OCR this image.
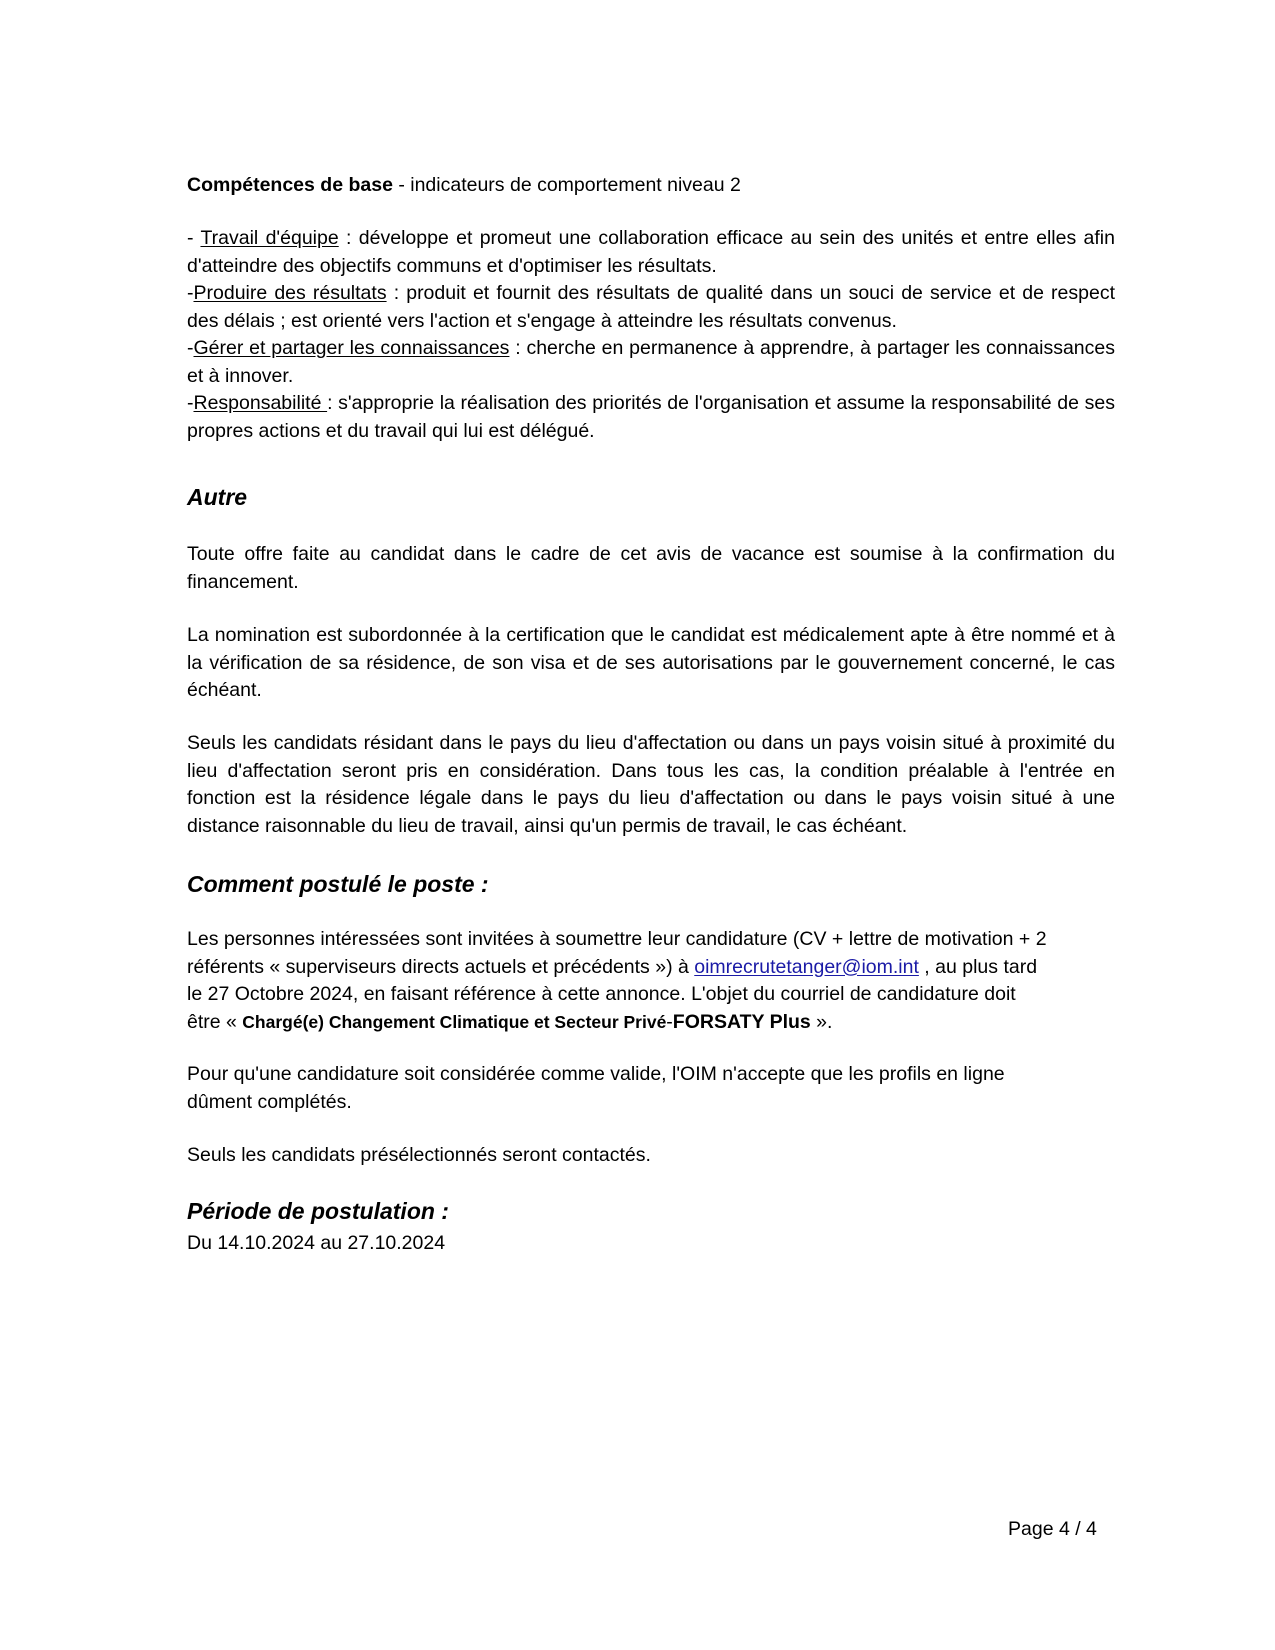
Compétences de base - indicateurs de comportement niveau 2
- Travail d'équipe : développe et promeut une collaboration efficace au sein des unités et entre elles afin d'atteindre des objectifs communs et d'optimiser les résultats.
-Produire des résultats : produit et fournit des résultats de qualité dans un souci de service et de respect des délais ; est orienté vers l'action et s'engage à atteindre les résultats convenus.
-Gérer et partager les connaissances : cherche en permanence à apprendre, à partager les connaissances et à innover.
-Responsabilité : s'approprie la réalisation des priorités de l'organisation et assume la responsabilité de ses propres actions et du travail qui lui est délégué.
Autre
Toute offre faite au candidat dans le cadre de cet avis de vacance est soumise à la confirmation du financement.
La nomination est subordonnée à la certification que le candidat est médicalement apte à être nommé et à la vérification de sa résidence, de son visa et de ses autorisations par le gouvernement concerné, le cas échéant.
Seuls les candidats résidant dans le pays du lieu d'affectation ou dans un pays voisin situé à proximité du lieu d'affectation seront pris en considération. Dans tous les cas, la condition préalable à l'entrée en fonction est la résidence légale dans le pays du lieu d'affectation ou dans le pays voisin situé à une distance raisonnable du lieu de travail, ainsi qu'un permis de travail, le cas échéant.
Comment postulé le poste :
Les personnes intéressées sont invitées à soumettre leur candidature (CV + lettre de motivation + 2
référents « superviseurs directs actuels et précédents ») à oimrecrutetanger@iom.int , au plus tard
le 27 Octobre 2024, en faisant référence à cette annonce. L'objet du courriel de candidature doit
être « Chargé(e) Changement Climatique et Secteur Privé-FORSATY Plus ».
Pour qu'une candidature soit considérée comme valide, l'OIM n'accepte que les profils en ligne
dûment complétés.
Seuls les candidats présélectionnés seront contactés.
Période de postulation :
Du 14.10.2024 au 27.10.2024
Page 4 / 4
